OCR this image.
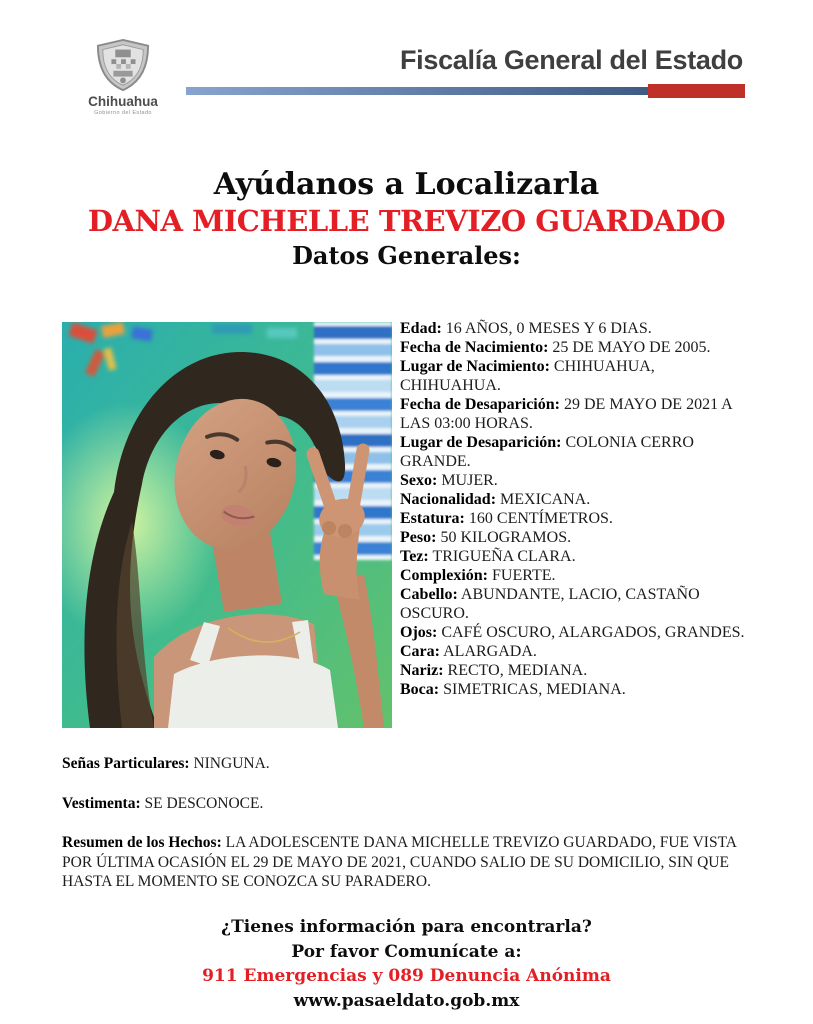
Chihuahua
Gobierno del Estado
Fiscalía General del Estado
Ayúdanos a Localizarla
DANA MICHELLE TREVIZO GUARDADO
Datos Generales:
Edad: 16 AÑOS, 0 MESES Y 6 DIAS.
Fecha de Nacimiento: 25 DE MAYO DE 2005.
Lugar de Nacimiento: CHIHUAHUA, CHIHUAHUA.
Fecha de Desaparición: 29 DE MAYO DE 2021 A LAS 03:00 HORAS.
Lugar de Desaparición: COLONIA CERRO GRANDE.
Sexo: MUJER.
Nacionalidad: MEXICANA.
Estatura: 160 CENTÍMETROS.
Peso: 50 KILOGRAMOS.
Tez: TRIGUEÑA CLARA.
Complexión: FUERTE.
Cabello: ABUNDANTE, LACIO, CASTAÑO OSCURO.
Ojos: CAFÉ OSCURO, ALARGADOS, GRANDES.
Cara: ALARGADA.
Nariz: RECTO, MEDIANA.
Boca: SIMETRICAS, MEDIANA.
Señas Particulares: NINGUNA.
Vestimenta: SE DESCONOCE.
Resumen de los Hechos: LA ADOLESCENTE DANA MICHELLE TREVIZO GUARDADO, FUE VISTA POR ÚLTIMA OCASIÓN EL 29 DE MAYO DE 2021, CUANDO SALIO DE SU DOMICILIO, SIN QUE HASTA EL MOMENTO SE CONOZCA SU PARADERO.
¿Tienes información para encontrarla?
Por favor Comunícate a:
911 Emergencias y 089 Denuncia Anónima
www.pasaeldato.gob.mx
